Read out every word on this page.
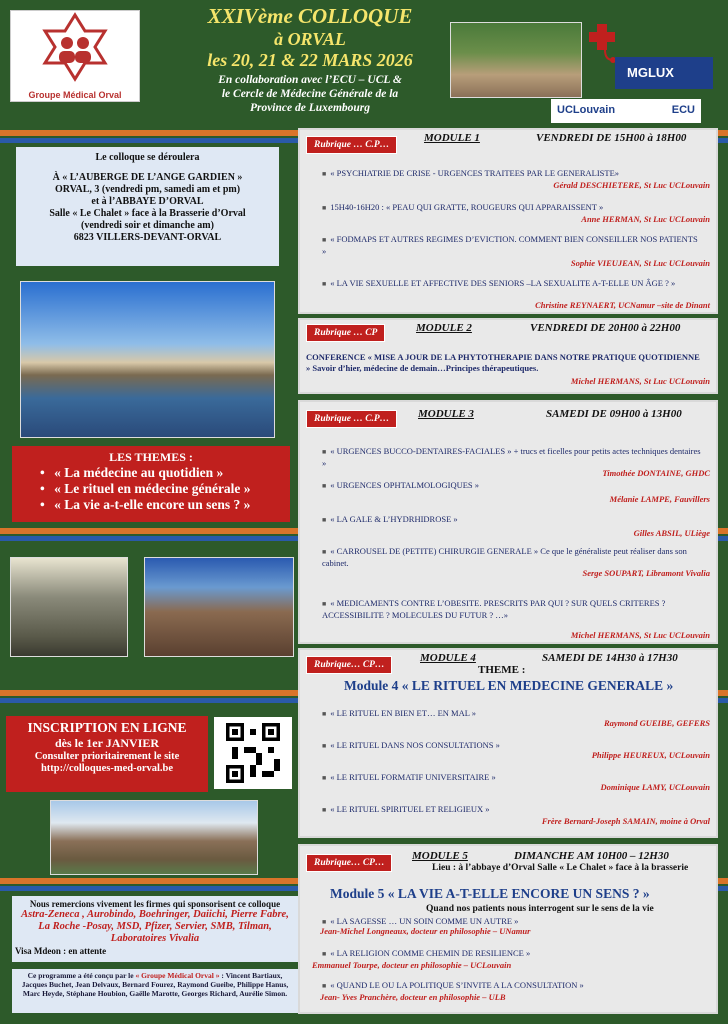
Groupe Médical Orval
XXIVème COLLOQUE
à ORVAL
les 20, 21 & 22 MARS 2026
En collaboration avec l’ECU – UCL &
le Cercle de Médecine Générale de la
Province de Luxembourg
MGLUX
UCLouvain	ECU
Le colloque se déroulera
À « L’AUBERGE DE L’ANGE GARDIEN »
ORVAL, 3 (vendredi pm, samedi am et pm)
et à l’ABBAYE D’ORVAL
Salle « Le Chalet » face à la Brasserie d’Orval
(vendredi soir et dimanche am)
6823 VILLERS-DEVANT-ORVAL
LES THEMES :
• « La médecine au quotidien »
• « Le rituel en médecine générale »
• « La vie a-t-elle encore un sens ? »
INSCRIPTION EN LIGNE
dès le 1er JANVIER
Consulter prioritairement le site
http://colloques-med-orval.be
Nous remercions vivement les firmes qui sponsorisent ce colloque
Astra-Zeneca , Aurobindo, Boehringer, Daiichi, Pierre Fabre, La Roche -Posay, MSD, Pfizer, Servier, SMB, Tilman, Laboratoires Vivalia
Visa Mdeon : en attente
Ce programme a été conçu par le « Groupe Médical Orval » : Vincent Bartiaux, Jacques Buchet, Jean Delvaux, Bernard Fourez, Raymond Gueibe, Philippe Hanus, Marc Heyde, Stéphane Houbion, Gaëlle Marotte, Georges Richard, Aurélie Simon.
Rubrique … C.P…
MODULE 1	VENDREDI DE 15H00 à 18H00
■ « PSYCHIATRIE DE CRISE - URGENCES TRAITEES PAR LE GENERALISTE»
Gérald DESCHIETERE, St Luc UCLouvain
■ 15H40-16H20 : « PEAU QUI GRATTE, ROUGEURS QUI APPARAISSENT »
Anne HERMAN, St Luc UCLouvain
■ « FODMAPS ET AUTRES REGIMES D’EVICTION. COMMENT BIEN CONSEILLER NOS PATIENTS »
Sophie VIEUJEAN, St Luc UCLouvain
■ « LA VIE SEXUELLE ET AFFECTIVE DES SENIORS –LA SEXUALITE A-T-ELLE UN ÂGE ? »
Christine REYNAERT, UCNamur –site de Dinant
Rubrique … CP	MODULE 2	VENDREDI DE 20H00 à 22H00
CONFERENCE « MISE A JOUR DE LA PHYTOTHERAPIE DANS NOTRE PRATIQUE QUOTIDIENNE » Savoir d’hier, médecine de demain…Principes thérapeutiques.
Michel HERMANS, St Luc UCLouvain
Rubrique … C.P…	MODULE 3	SAMEDI DE 09H00 à 13H00
■ « URGENCES BUCCO-DENTAIRES-FACIALES » + trucs et ficelles pour petits actes techniques dentaires »
Timothée DONTAINE, GHDC
■ « URGENCES OPHTALMOLOGIQUES »
Mélanie LAMPE, Fauvillers
■ « LA GALE & L’HYDRHIDROSE »
Gilles ABSIL, ULiège
■ « CARROUSEL DE (PETITE) CHIRURGIE GENERALE » Ce que le généraliste peut réaliser dans son cabinet.
Serge SOUPART, Libramont Vivalia
■ « MEDICAMENTS CONTRE L’OBESITE. PRESCRITS PAR QUI ? SUR QUELS CRITERES ? ACCESSIBILITE ? MOLECULES DU FUTUR ? …»
Michel HERMANS, St Luc UCLouvain
Rubrique… CP…
MODULE 4	SAMEDI DE 14H30 à 17H30
THEME :
Module 4 « LE RITUEL EN MEDECINE GENERALE »
■ « LE RITUEL EN BIEN ET… EN MAL »
Raymond GUEIBE, GEFERS
■ « LE RITUEL DANS NOS CONSULTATIONS »
Philippe HEUREUX, UCLouvain
■ « LE RITUEL FORMATIF UNIVERSITAIRE »
Dominique LAMY, UCLouvain
■ « LE RITUEL SPIRITUEL ET RELIGIEUX »
Frère Bernard-Joseph SAMAIN, moine à Orval
Rubrique… CP…
MODULE 5	DIMANCHE AM 10H00 – 12H30
Lieu : à l’abbaye d’Orval Salle « Le Chalet » face à la brasserie
Module 5 « LA VIE A-T-ELLE ENCORE UN SENS ? »
Quand nos patients nous interrogent sur le sens de la vie
■ « LA SAGESSE … UN SOIN COMME UN AUTRE »
Jean-Michel Longneaux, docteur en philosophie – UNamur
■ « LA RELIGION COMME CHEMIN DE RESILIENCE »
Emmanuel Tourpe, docteur en philosophie – UCLouvain
■ « QUAND LE OU LA POLITIQUE S’INVITE A LA CONSULTATION »
Jean- Yves Pranchère, docteur en philosophie – ULB
